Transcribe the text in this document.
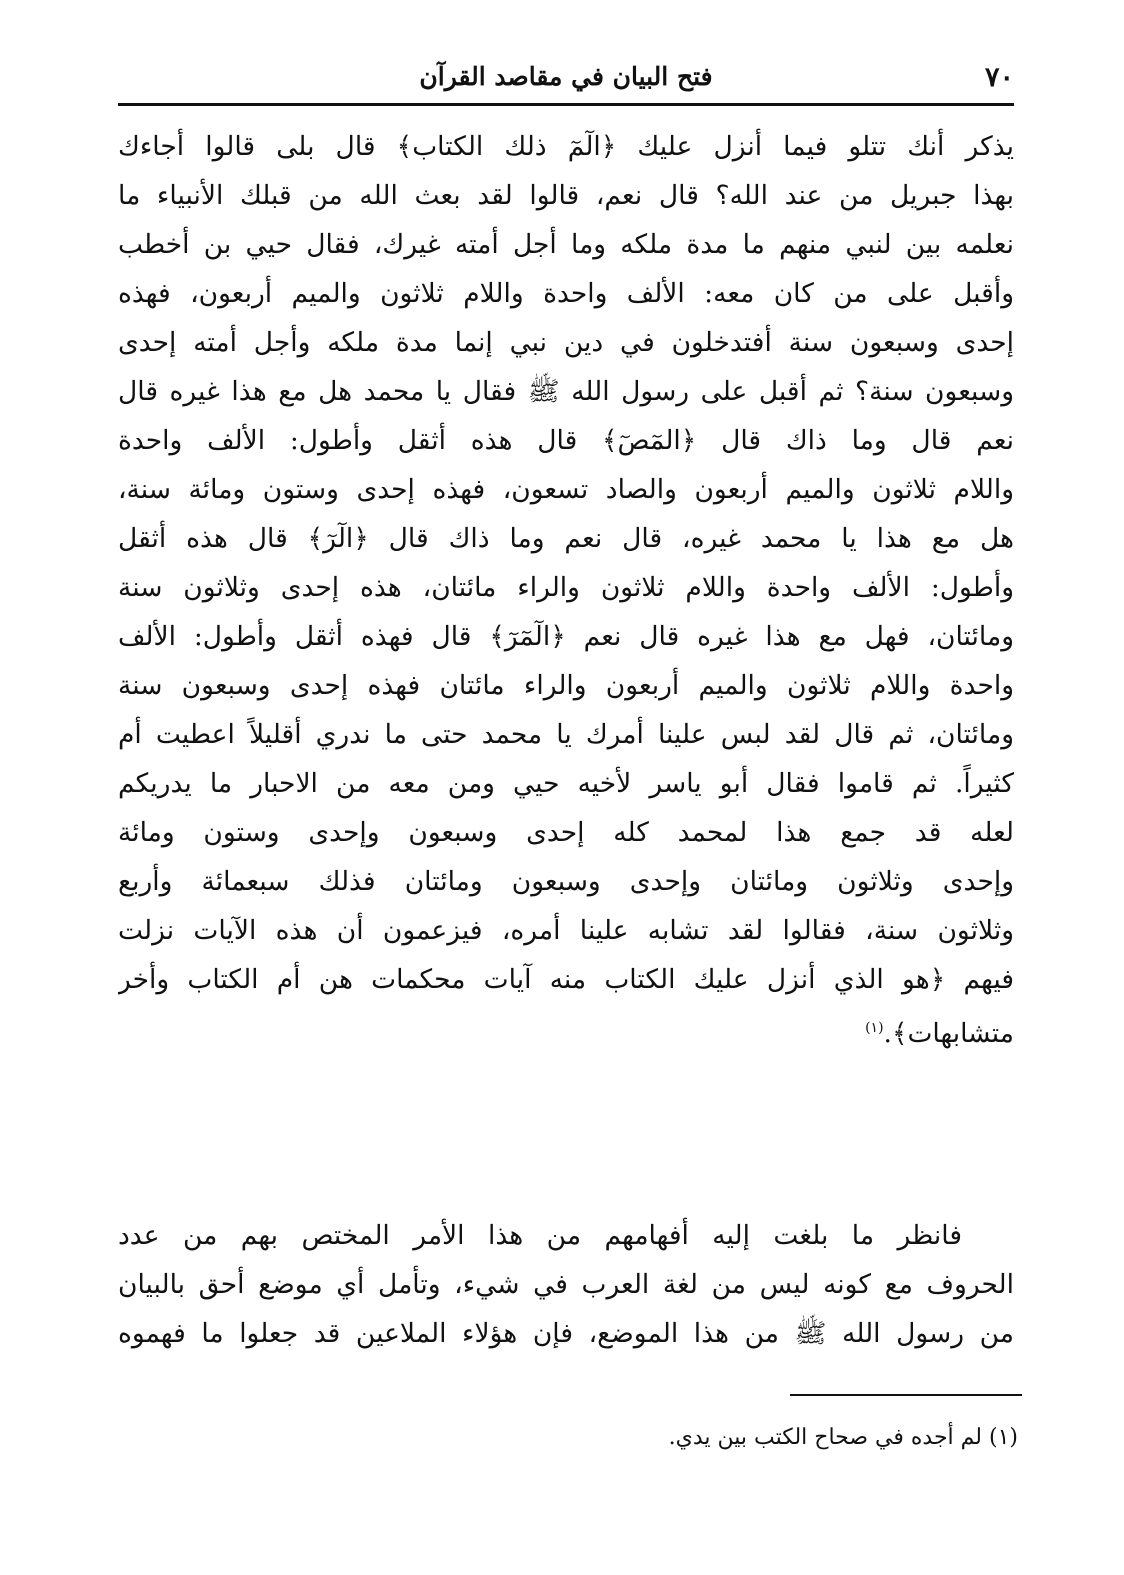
٧٠
فتح البيان في مقاصد القرآن
يذكر أنك تتلو فيما أنزل عليك ﴿الٓمٓ ذلك الكتاب﴾ قال بلى قالوا أجاءك
بهذا جبريل من عند الله؟ قال نعم، قالوا لقد بعث الله من قبلك الأنبياء ما
نعلمه بين لنبي منهم ما مدة ملكه وما أجل أمته غيرك، فقال حيي بن أخطب
وأقبل على من كان معه: الألف واحدة واللام ثلاثون والميم أربعون، فهذه
إحدى وسبعون سنة أفتدخلون في دين نبي إنما مدة ملكه وأجل أمته إحدى
وسبعون سنة؟ ثم أقبل على رسول الله ﷺ فقال يا محمد هل مع هذا غيره قال
نعم قال وما ذاك قال ﴿المٓصٓ﴾ قال هذه أثقل وأطول: الألف واحدة
واللام ثلاثون والميم أربعون والصاد تسعون، فهذه إحدى وستون ومائة سنة،
هل مع هذا يا محمد غيره، قال نعم وما ذاك قال ﴿الٓرٓ﴾ قال هذه أثقل
وأطول: الألف واحدة واللام ثلاثون والراء مائتان، هذه إحدى وثلاثون سنة
ومائتان، فهل مع هذا غيره قال نعم ﴿الٓمٓرٓ﴾ قال فهذه أثقل وأطول: الألف
واحدة واللام ثلاثون والميم أربعون والراء مائتان فهذه إحدى وسبعون سنة
ومائتان، ثم قال لقد لبس علينا أمرك يا محمد حتى ما ندري أقليلاً اعطيت أم
كثيراً. ثم قاموا فقال أبو ياسر لأخيه حيي ومن معه من الاحبار ما يدريكم
لعله قد جمع هذا لمحمد كله إحدى وسبعون وإحدى وستون ومائة
وإحدى وثلاثون ومائتان وإحدى وسبعون ومائتان فذلك سبعمائة وأربع
وثلاثون سنة، فقالوا لقد تشابه علينا أمره، فيزعمون أن هذه الآيات نزلت
فيهم ﴿هو الذي أنزل عليك الكتاب منه آيات محكمات هن أم الكتاب وأخر
متشابهات﴾.$^{(١)}$
فانظر ما بلغت إليه أفهامهم من هذا الأمر المختص بهم من عدد
الحروف مع كونه ليس من لغة العرب في شيء، وتأمل أي موضع أحق بالبيان
من رسول الله ﷺ من هذا الموضع، فإن هؤلاء الملاعين قد جعلوا ما فهموه
(١) لم أجده في صحاح الكتب بين يدي.
